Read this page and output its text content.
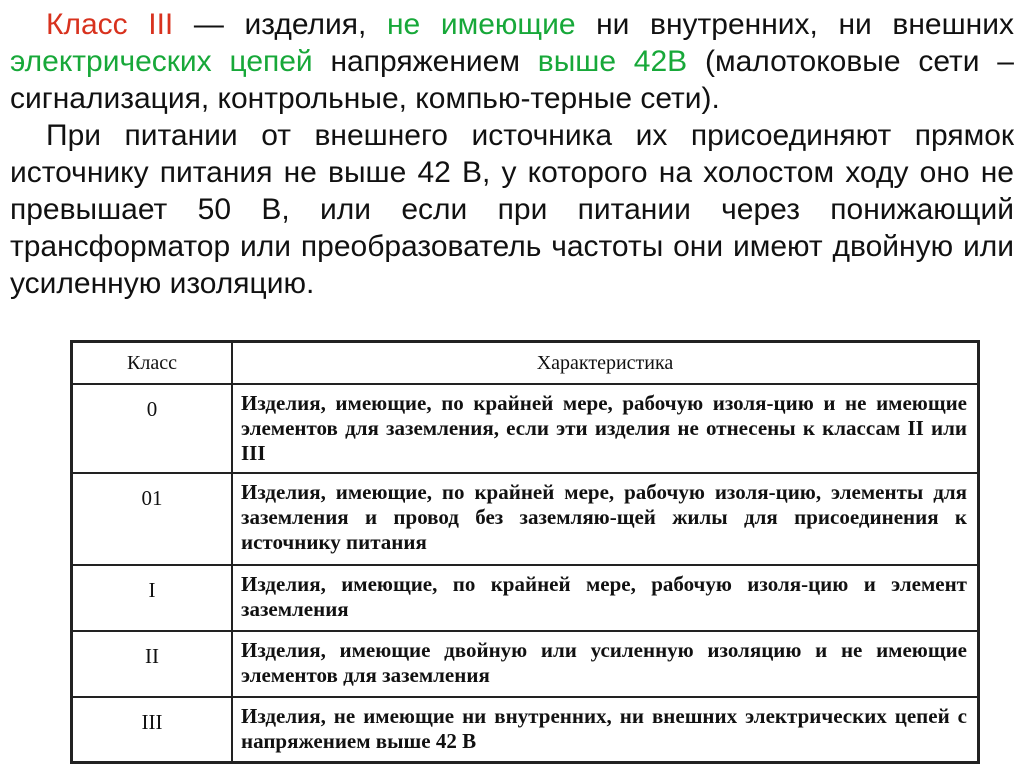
Класс III — изделия, не имеющие ни внутренних, ни внешних электрических цепей напряжением выше 42В (малотоковые сети – сигнализация, контрольные, компью-терные сети).

При питании от внешнего источника их присоединяют прямок источнику питания не выше 42 В, у которого на холостом ходу оно не превышает 50 В, или если при питании через понижающий трансформатор или преобразователь частоты они имеют двойную или усиленную изоляцию.

Класс	Характеристика
0	Изделия, имеющие, по крайней мере, рабочую изоля-цию и не имеющие элементов для заземления, если эти изделия не отнесены к классам II или III
01	Изделия, имеющие, по крайней мере, рабочую изоля-цию, элементы для заземления и провод без заземляю-щей жилы для присоединения к источнику питания
I	Изделия, имеющие, по крайней мере, рабочую изоля-цию и элемент заземления
II	Изделия, имеющие двойную или усиленную изоляцию и не имеющие элементов для заземления
III	Изделия, не имеющие ни внутренних, ни внешних электрических цепей с напряжением выше 42 В
